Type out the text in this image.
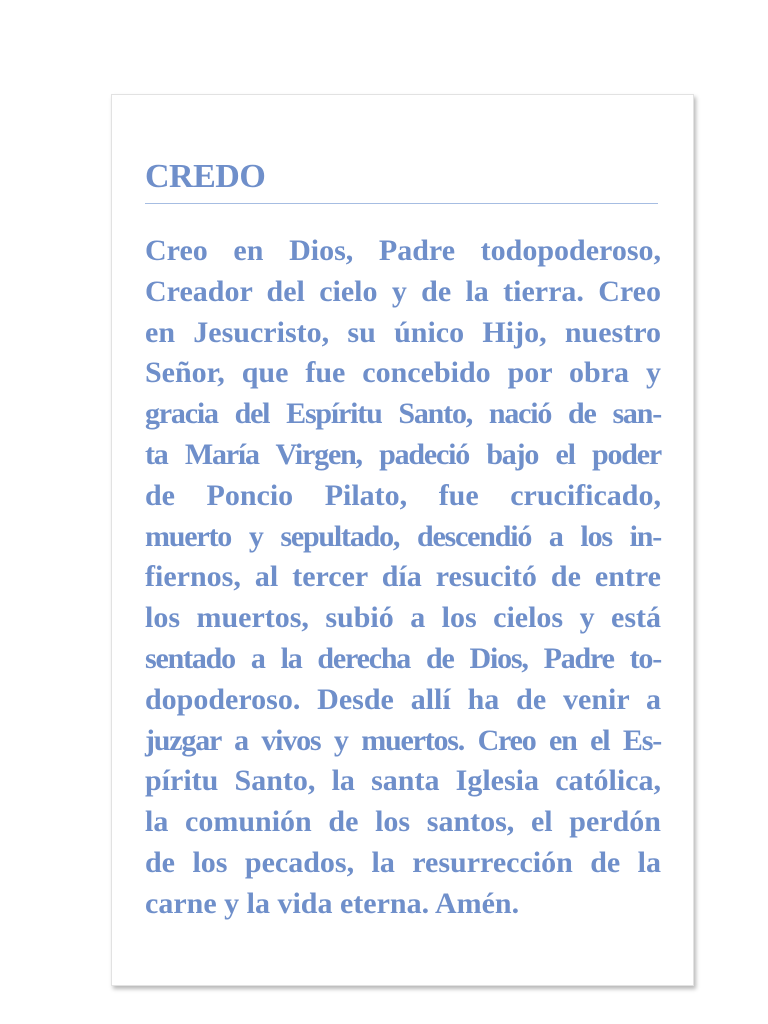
CREDO
Creo en Dios, Padre todopoderoso,
Creador del cielo y de la tierra. Creo
en Jesucristo, su único Hijo, nuestro
Señor, que fue concebido por obra y
gracia del Espíritu Santo, nació de san-
ta María Virgen, padeció bajo el poder
de Poncio Pilato, fue crucificado,
muerto y sepultado, descendió a los in-
fiernos, al tercer día resucitó de entre
los muertos, subió a los cielos y está
sentado a la derecha de Dios, Padre to-
dopoderoso. Desde allí ha de venir a
juzgar a vivos y muertos. Creo en el Es-
píritu Santo, la santa Iglesia católica,
la comunión de los santos, el perdón
de los pecados, la resurrección de la
carne y la vida eterna. Amén.
